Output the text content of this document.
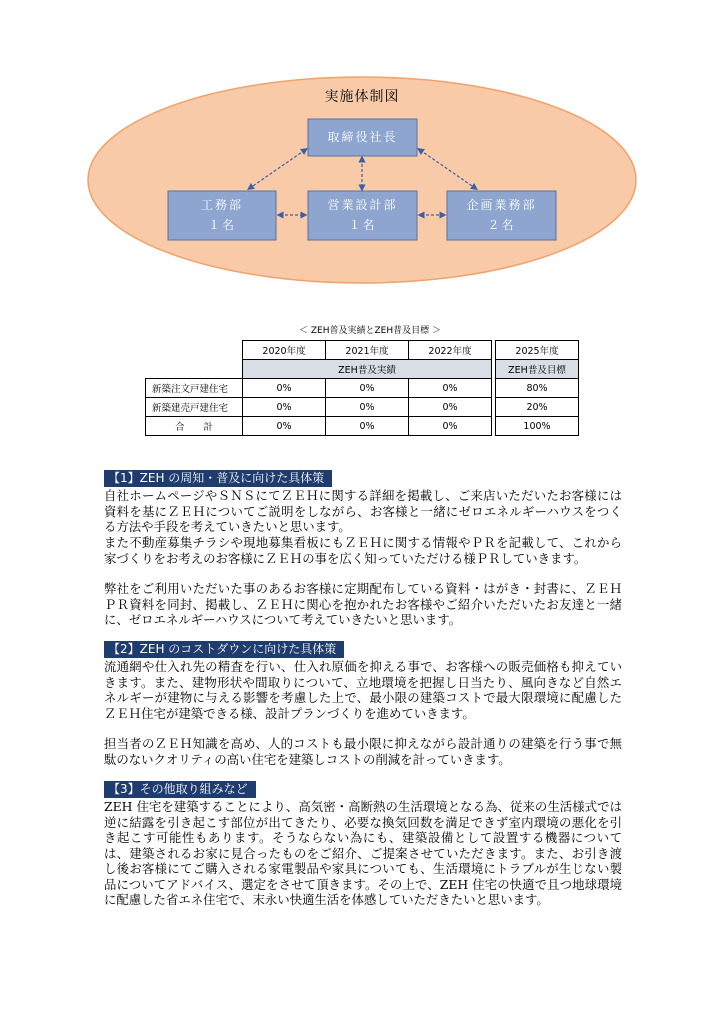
実施体制図
取締役社長
工務部
１名
営業設計部
１名
企画業務部
２名
＜ ZEH普及実績とZEH普及目標 ＞
	2020年度	2021年度	2022年度		2025年度
	ZEH普及実績				ZEH普及目標
新築注文戸建住宅	0%	0%	0%		80%
新築建売戸建住宅	0%	0%	0%		20%
合　　計	0%	0%	0%		100%
【1】ZEH の周知・普及に向けた具体策

自社ホームページやＳＮＳにてＺＥＨに関する詳細を掲載し、ご来店いただいたお客様には資料を基にＺＥＨについてご説明をしながら、お客様と一緒にゼロエネルギーハウスをつくる方法や手段を考えていきたいと思います。

また不動産募集チラシや現地募集看板にもＺＥＨに関する情報やＰＲを記載して、これから家づくりをお考えのお客様にＺＥＨの事を広く知っていただける様ＰＲしていきます。

弊社をご利用いただいた事のあるお客様に定期配布している資料・はがき・封書に、ＺＥＨ ＰＲ資料を同封、掲載し、ＺＥＨに関心を抱かれたお客様やご紹介いただいたお友達と一緒に、ゼロエネルギーハウスについて考えていきたいと思います。

【2】ZEH のコストダウンに向けた具体策

流通網や仕入れ先の精査を行い、仕入れ原価を抑える事で、お客様への販売価格も抑えていきます。また、建物形状や間取りについて、立地環境を把握し日当たり、風向きなど自然エネルギーが建物に与える影響を考慮した上で、最小限の建築コストで最大限環境に配慮したＺＥＨ住宅が建築できる様、設計プランづくりを進めていきます。

担当者のＺＥＨ知識を高め、人的コストも最小限に抑えながら設計通りの建築を行う事で無駄のないクオリティの高い住宅を建築しコストの削減を計っていきます。

【3】その他取り組みなど

ZEH 住宅を建築することにより、高気密・高断熱の生活環境となる為、従来の生活様式では逆に結露を引き起こす部位が出てきたり、必要な換気回数を満足できず室内環境の悪化を引き起こす可能性もあります。そうならない為にも、建築設備として設置する機器については、建築されるお家に見合ったものをご紹介、ご提案させていただきます。また、お引き渡し後お客様にてご購入される家電製品や家具についても、生活環境にトラブルが生じない製品についてアドバイス、選定をさせて頂きます。その上で、ZEH 住宅の快適で且つ地球環境に配慮した省エネ住宅で、末永い快適生活を体感していただきたいと思います。
